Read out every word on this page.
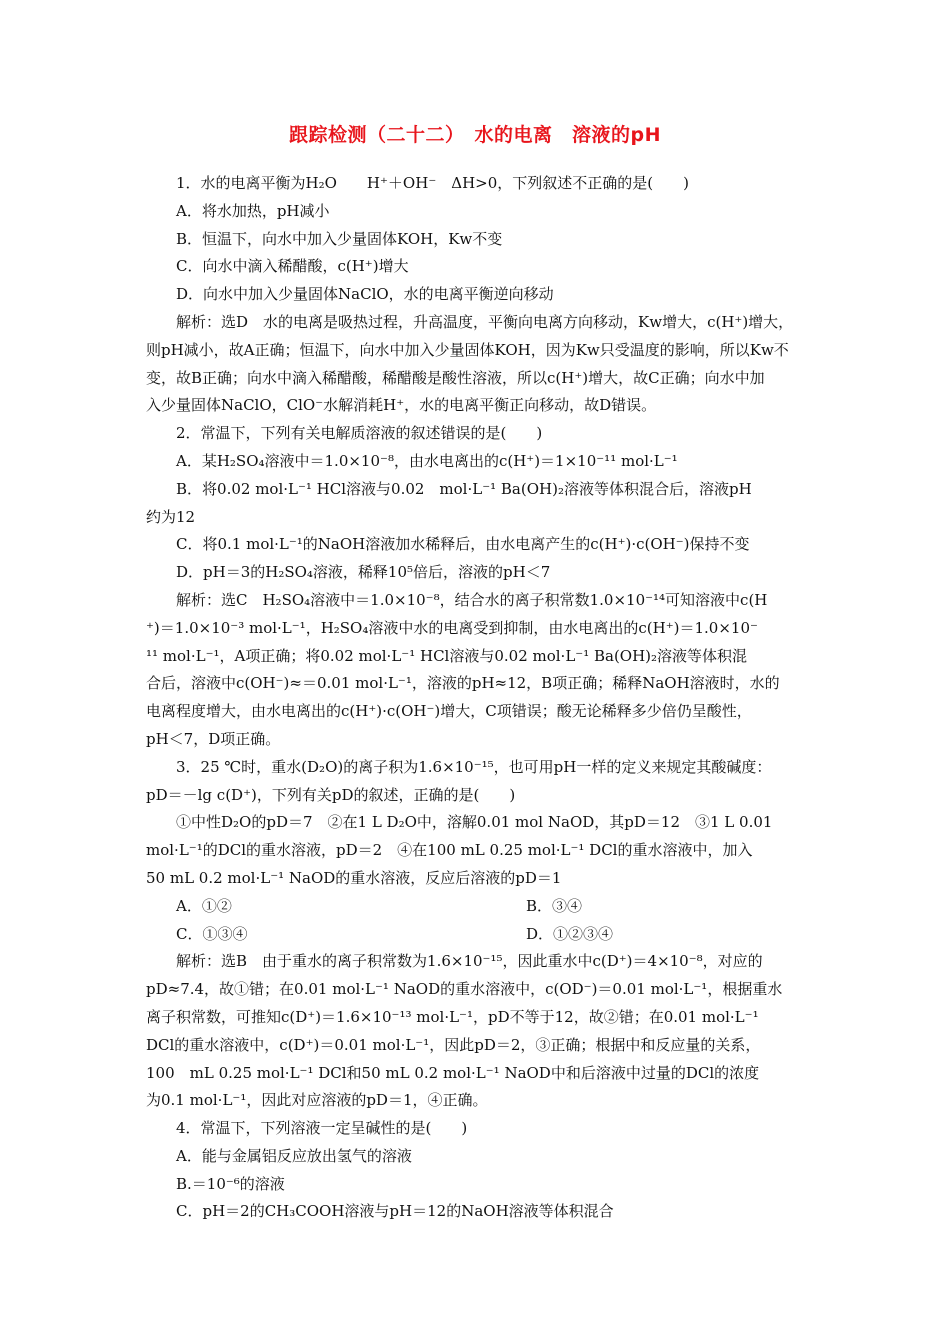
跟踪检测（二十二）　水的电离　溶液的pH
1．水的电离平衡为H₂O　　H⁺＋OH⁻　ΔH>0，下列叙述不正确的是(　　)
A．将水加热，pH减小
B．恒温下，向水中加入少量固体KOH，Kw不变
C．向水中滴入稀醋酸，c(H⁺)增大
D．向水中加入少量固体NaClO，水的电离平衡逆向移动
解析：选D　水的电离是吸热过程，升高温度，平衡向电离方向移动，Kw增大，c(H⁺)增大，
则pH减小，故A正确；恒温下，向水中加入少量固体KOH，因为Kw只受温度的影响，所以Kw不
变，故B正确；向水中滴入稀醋酸，稀醋酸是酸性溶液，所以c(H⁺)增大，故C正确；向水中加
入少量固体NaClO，ClO⁻水解消耗H⁺，水的电离平衡正向移动，故D错误。
2．常温下，下列有关电解质溶液的叙述错误的是(　　)
A．某H₂SO₄溶液中＝1.0×10⁻⁸，由水电离出的c(H⁺)＝1×10⁻¹¹ mol·L⁻¹
B．将0.02 mol·L⁻¹ HCl溶液与0.02　mol·L⁻¹ Ba(OH)₂溶液等体积混合后，溶液pH
约为12
C．将0.1 mol·L⁻¹的NaOH溶液加水稀释后，由水电离产生的c(H⁺)·c(OH⁻)保持不变
D．pH＝3的H₂SO₄溶液，稀释10⁵倍后，溶液的pH＜7
解析：选C　H₂SO₄溶液中＝1.0×10⁻⁸，结合水的离子积常数1.0×10⁻¹⁴可知溶液中c(H
⁺)＝1.0×10⁻³ mol·L⁻¹，H₂SO₄溶液中水的电离受到抑制，由水电离出的c(H⁺)＝1.0×10⁻
¹¹ mol·L⁻¹，A项正确；将0.02 mol·L⁻¹ HCl溶液与0.02 mol·L⁻¹ Ba(OH)₂溶液等体积混
合后，溶液中c(OH⁻)≈＝0.01 mol·L⁻¹，溶液的pH≈12，B项正确；稀释NaOH溶液时，水的
电离程度增大，由水电离出的c(H⁺)·c(OH⁻)增大，C项错误；酸无论稀释多少倍仍呈酸性，
pH＜7，D项正确。
3．25 ℃时，重水(D₂O)的离子积为1.6×10⁻¹⁵，也可用pH一样的定义来规定其酸碱度：
pD＝－lg c(D⁺)，下列有关pD的叙述，正确的是(　　)
①中性D₂O的pD＝7　②在1 L D₂O中，溶解0.01 mol NaOD，其pD＝12　③1 L 0.01
mol·L⁻¹的DCl的重水溶液，pD＝2　④在100 mL 0.25 mol·L⁻¹ DCl的重水溶液中，加入
50 mL 0.2 mol·L⁻¹ NaOD的重水溶液，反应后溶液的pD＝1
A．①②	B．③④
C．①③④	D．①②③④
解析：选B　由于重水的离子积常数为1.6×10⁻¹⁵，因此重水中c(D⁺)＝4×10⁻⁸，对应的
pD≈7.4，故①错；在0.01 mol·L⁻¹ NaOD的重水溶液中，c(OD⁻)＝0.01 mol·L⁻¹，根据重水
离子积常数，可推知c(D⁺)＝1.6×10⁻¹³ mol·L⁻¹，pD不等于12，故②错；在0.01 mol·L⁻¹
DCl的重水溶液中，c(D⁺)＝0.01 mol·L⁻¹，因此pD＝2，③正确；根据中和反应量的关系，
100　mL 0.25 mol·L⁻¹ DCl和50 mL 0.2 mol·L⁻¹ NaOD中和后溶液中过量的DCl的浓度
为0.1 mol·L⁻¹，因此对应溶液的pD＝1，④正确。
4．常温下，下列溶液一定呈碱性的是(　　)
A．能与金属铝反应放出氢气的溶液
B.＝10⁻⁶的溶液
C．pH＝2的CH₃COOH溶液与pH＝12的NaOH溶液等体积混合
